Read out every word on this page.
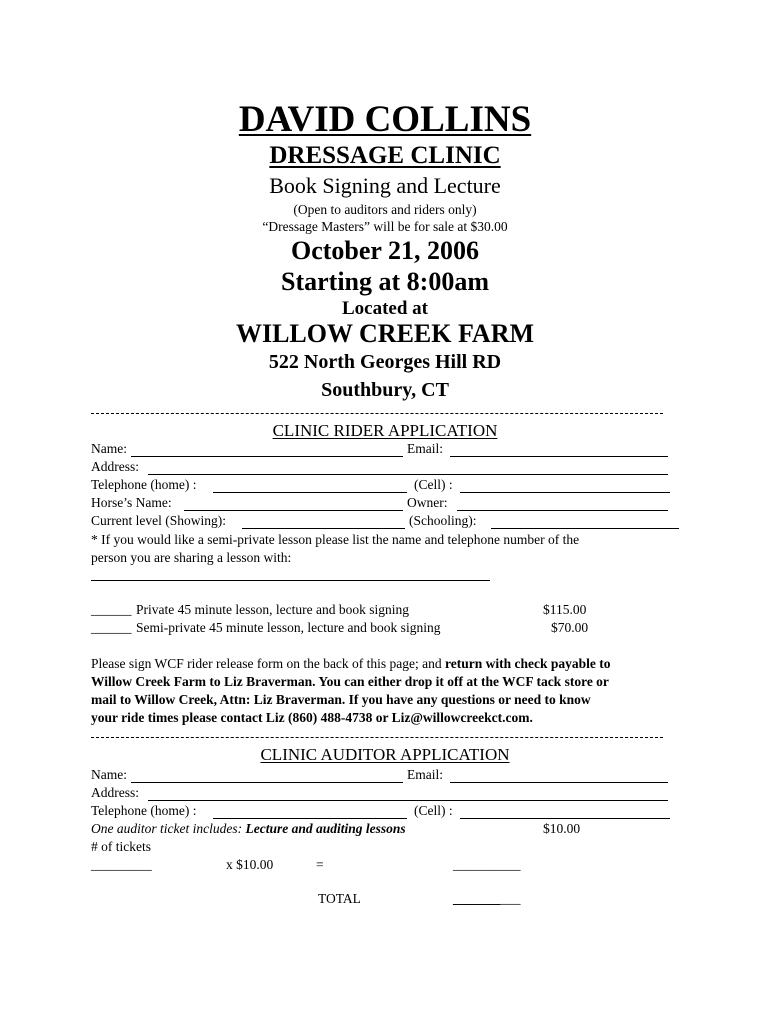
DAVID COLLINS
DRESSAGE CLINIC
Book Signing and Lecture
(Open to auditors and riders only)
“Dressage Masters” will be for sale at $30.00
October 21, 2006
Starting at 8:00am
Located at
WILLOW CREEK FARM
522 North Georges Hill RD
Southbury, CT
CLINIC RIDER APPLICATION
Name:	Email:
Address:
Telephone (home) :	(Cell) :
Horse’s Name:	Owner:
Current level (Showing):	(Schooling):
* If you would like a semi-private lesson please list the name and telephone number of the
person you are sharing a lesson with:
______ Private 45 minute lesson, lecture and book signing	$115.00
______ Semi-private 45 minute lesson, lecture and book signing	$70.00
Please sign WCF rider release form on the back of this page; and return with check payable to
Willow Creek Farm to Liz Braverman. You can either drop it off at the WCF tack store or
mail to Willow Creek, Attn: Liz Braverman. If you have any questions or need to know
your ride times please contact Liz (860) 488-4738 or Liz@willowcreekct.com.
CLINIC AUDITOR APPLICATION
Name:	Email:
Address:
Telephone (home) :	(Cell) :
One auditor ticket includes: Lecture and auditing lessons	$10.00
# of tickets
_________	x $10.00	=	__________
TOTAL	__________
